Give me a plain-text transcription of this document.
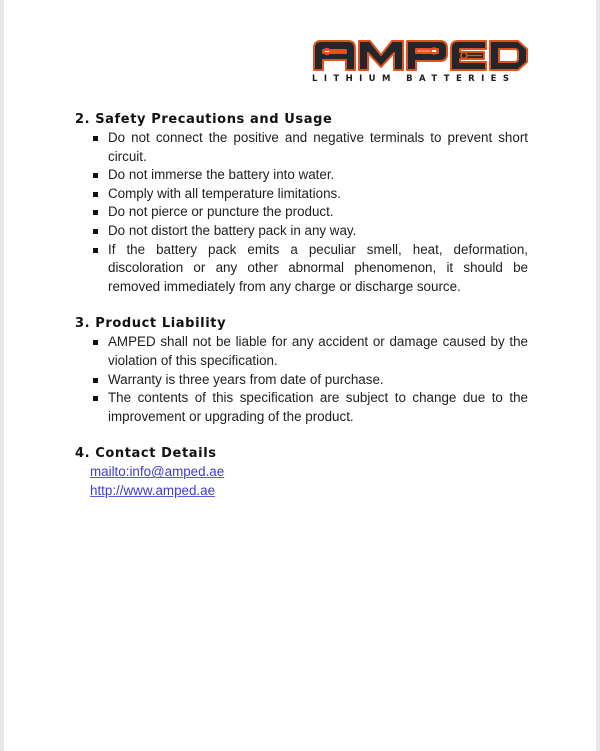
LITHIUM BATTERIES
2. Safety Precautions and Usage
Do not connect the positive and negative terminals to prevent short circuit.
Do not immerse the battery into water.
Comply with all temperature limitations.
Do not pierce or puncture the product.
Do not distort the battery pack in any way.
If the battery pack emits a peculiar smell, heat, deformation, discoloration or any other abnormal phenomenon, it should be removed immediately from any charge or discharge source.
3. Product Liability
AMPED shall not be liable for any accident or damage caused by the violation of this specification.
Warranty is three years from date of purchase.
The contents of this specification are subject to change due to the improvement or upgrading of the product.
4. Contact Details
mailto:info@amped.ae
http://www.amped.ae
